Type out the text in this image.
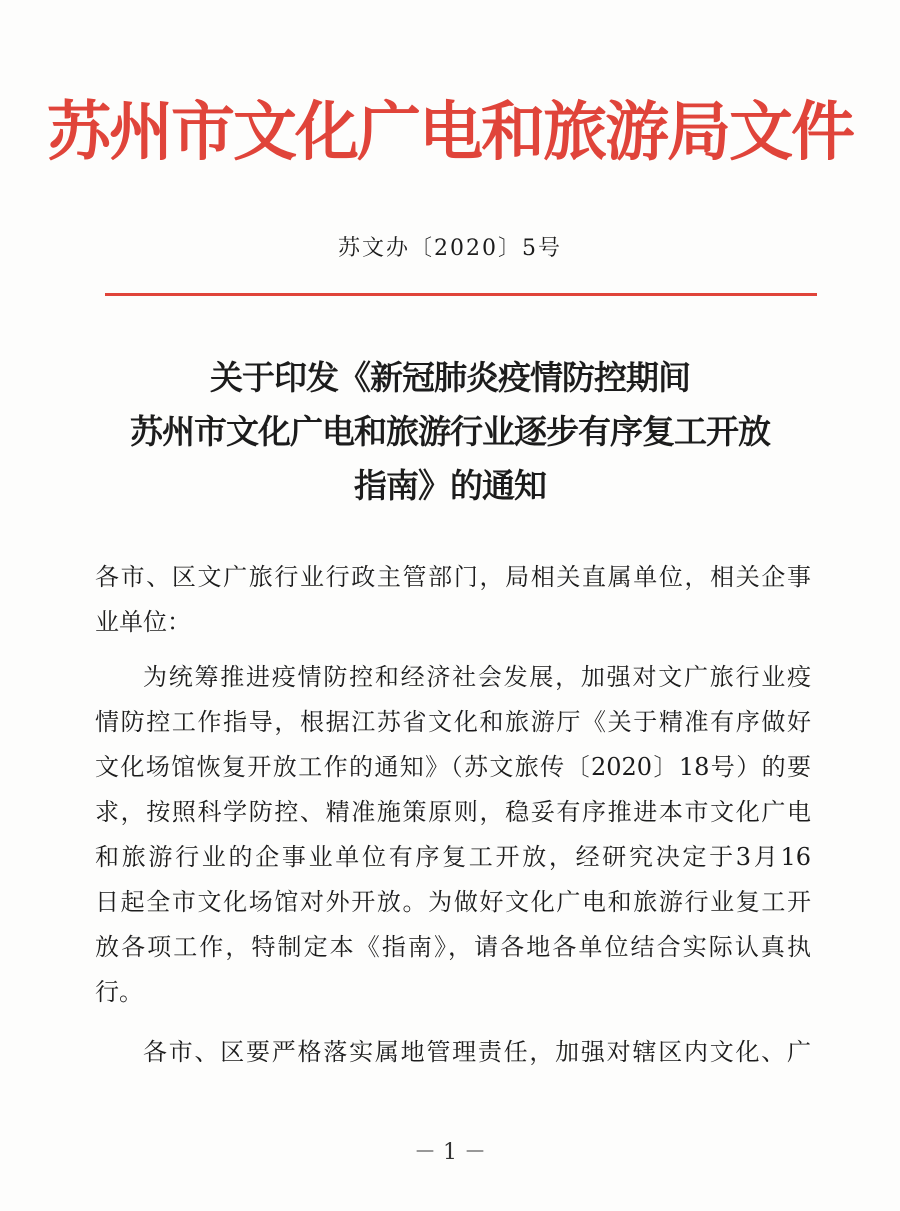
苏州市文化广电和旅游局文件
苏文办〔2020〕5号
关于印发《新冠肺炎疫情防控期间
苏州市文化广电和旅游行业逐步有序复工开放
指南》的通知
各市、区文广旅行业行政主管部门，局相关直属单位，相关企事
业单位：
为统筹推进疫情防控和经济社会发展，加强对文广旅行业疫
情防控工作指导，根据江苏省文化和旅游厅《关于精准有序做好
文化场馆恢复开放工作的通知》（苏文旅传〔2020〕18号）的要
求，按照科学防控、精准施策原则，稳妥有序推进本市文化广电
和旅游行业的企事业单位有序复工开放，经研究决定于3月16
日起全市文化场馆对外开放。为做好文化广电和旅游行业复工开
放各项工作，特制定本《指南》，请各地各单位结合实际认真执
行。
各市、区要严格落实属地管理责任，加强对辖区内文化、广
－ 1 －
